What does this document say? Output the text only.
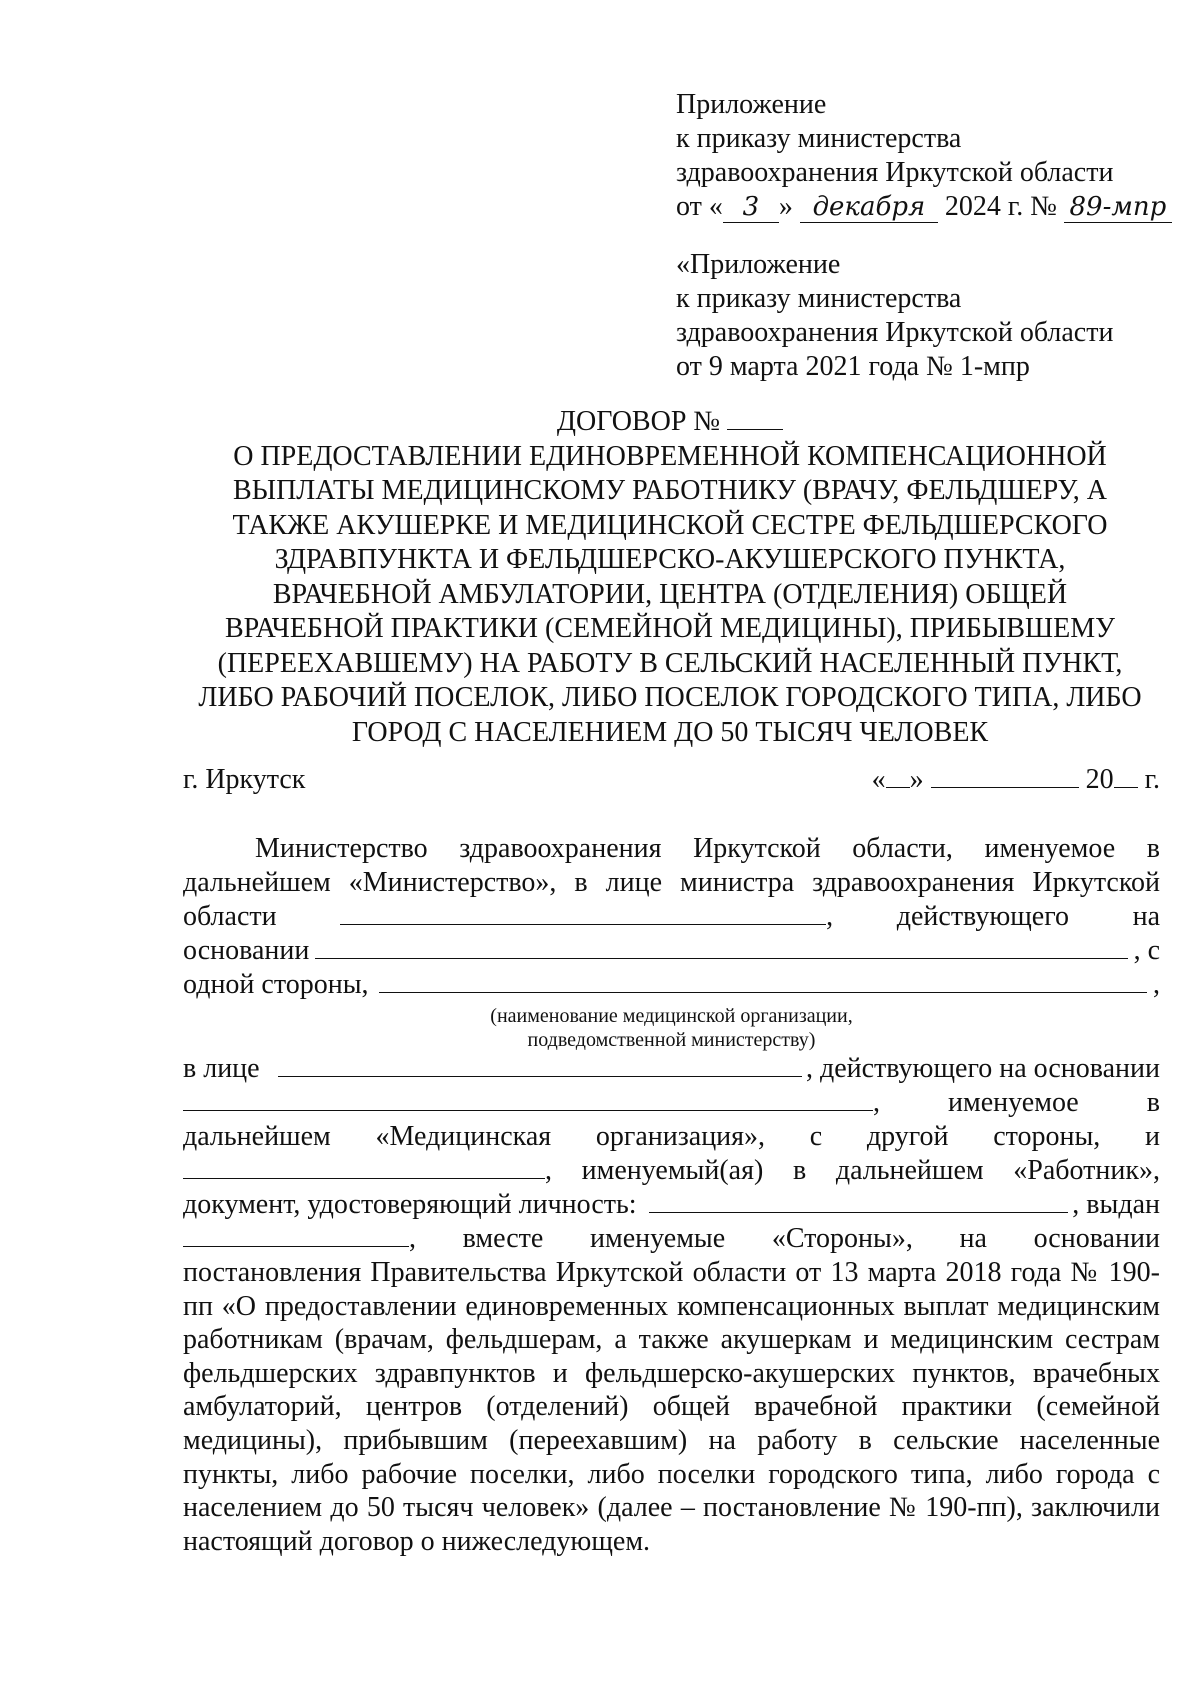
Приложение
к приказу министерства
здравоохранения Иркутской области
от « 3 » декабря 2024 г. № 89-мпр
«Приложение
к приказу министерства
здравоохранения Иркутской области
от 9 марта 2021 года № 1-мпр
ДОГОВОР №
О ПРЕДОСТАВЛЕНИИ ЕДИНОВРЕМЕННОЙ КОМПЕНСАЦИОННОЙ
ВЫПЛАТЫ МЕДИЦИНСКОМУ РАБОТНИКУ (ВРАЧУ, ФЕЛЬДШЕРУ, А
ТАКЖЕ АКУШЕРКЕ И МЕДИЦИНСКОЙ СЕСТРЕ ФЕЛЬДШЕРСКОГО
ЗДРАВПУНКТА И ФЕЛЬДШЕРСКО-АКУШЕРСКОГО ПУНКТА,
ВРАЧЕБНОЙ АМБУЛАТОРИИ, ЦЕНТРА (ОТДЕЛЕНИЯ) ОБЩЕЙ
ВРАЧЕБНОЙ ПРАКТИКИ (СЕМЕЙНОЙ МЕДИЦИНЫ), ПРИБЫВШЕМУ
(ПЕРЕЕХАВШЕМУ) НА РАБОТУ В СЕЛЬСКИЙ НАСЕЛЕННЫЙ ПУНКТ,
ЛИБО РАБОЧИЙ ПОСЕЛОК, ЛИБО ПОСЕЛОК ГОРОДСКОГО ТИПА, ЛИБО
ГОРОД С НАСЕЛЕНИЕМ ДО 50 ТЫСЯЧ ЧЕЛОВЕК
г. Иркутск	« »	20 г.
Министерство здравоохранения Иркутской области, именуемое в
дальнейшем «Министерство», в лице министра здравоохранения Иркутской
области	, действующего на
основании	, с
одной стороны,	,
(наименование медицинской организации,
подведомственной министерству)
в лице	, действующего на основании
, именуемое в
дальнейшем «Медицинская организация», с другой стороны, и
, именуемый(ая) в дальнейшем «Работник»,
документ, удостоверяющий личность:	, выдан
, вместе именуемые «Стороны», на основании
постановления Правительства Иркутской области от 13 марта 2018 года № 190-пп «О предоставлении единовременных компенсационных выплат медицинским работникам (врачам, фельдшерам, а также акушеркам и медицинским сестрам фельдшерских здравпунктов и фельдшерско-акушерских пунктов, врачебных амбулаторий, центров (отделений) общей врачебной практики (семейной медицины), прибывшим (переехавшим) на работу в сельские населенные пункты, либо рабочие поселки, либо поселки городского типа, либо города с населением до 50 тысяч человек» (далее – постановление № 190-пп), заключили настоящий договор о нижеследующем.
